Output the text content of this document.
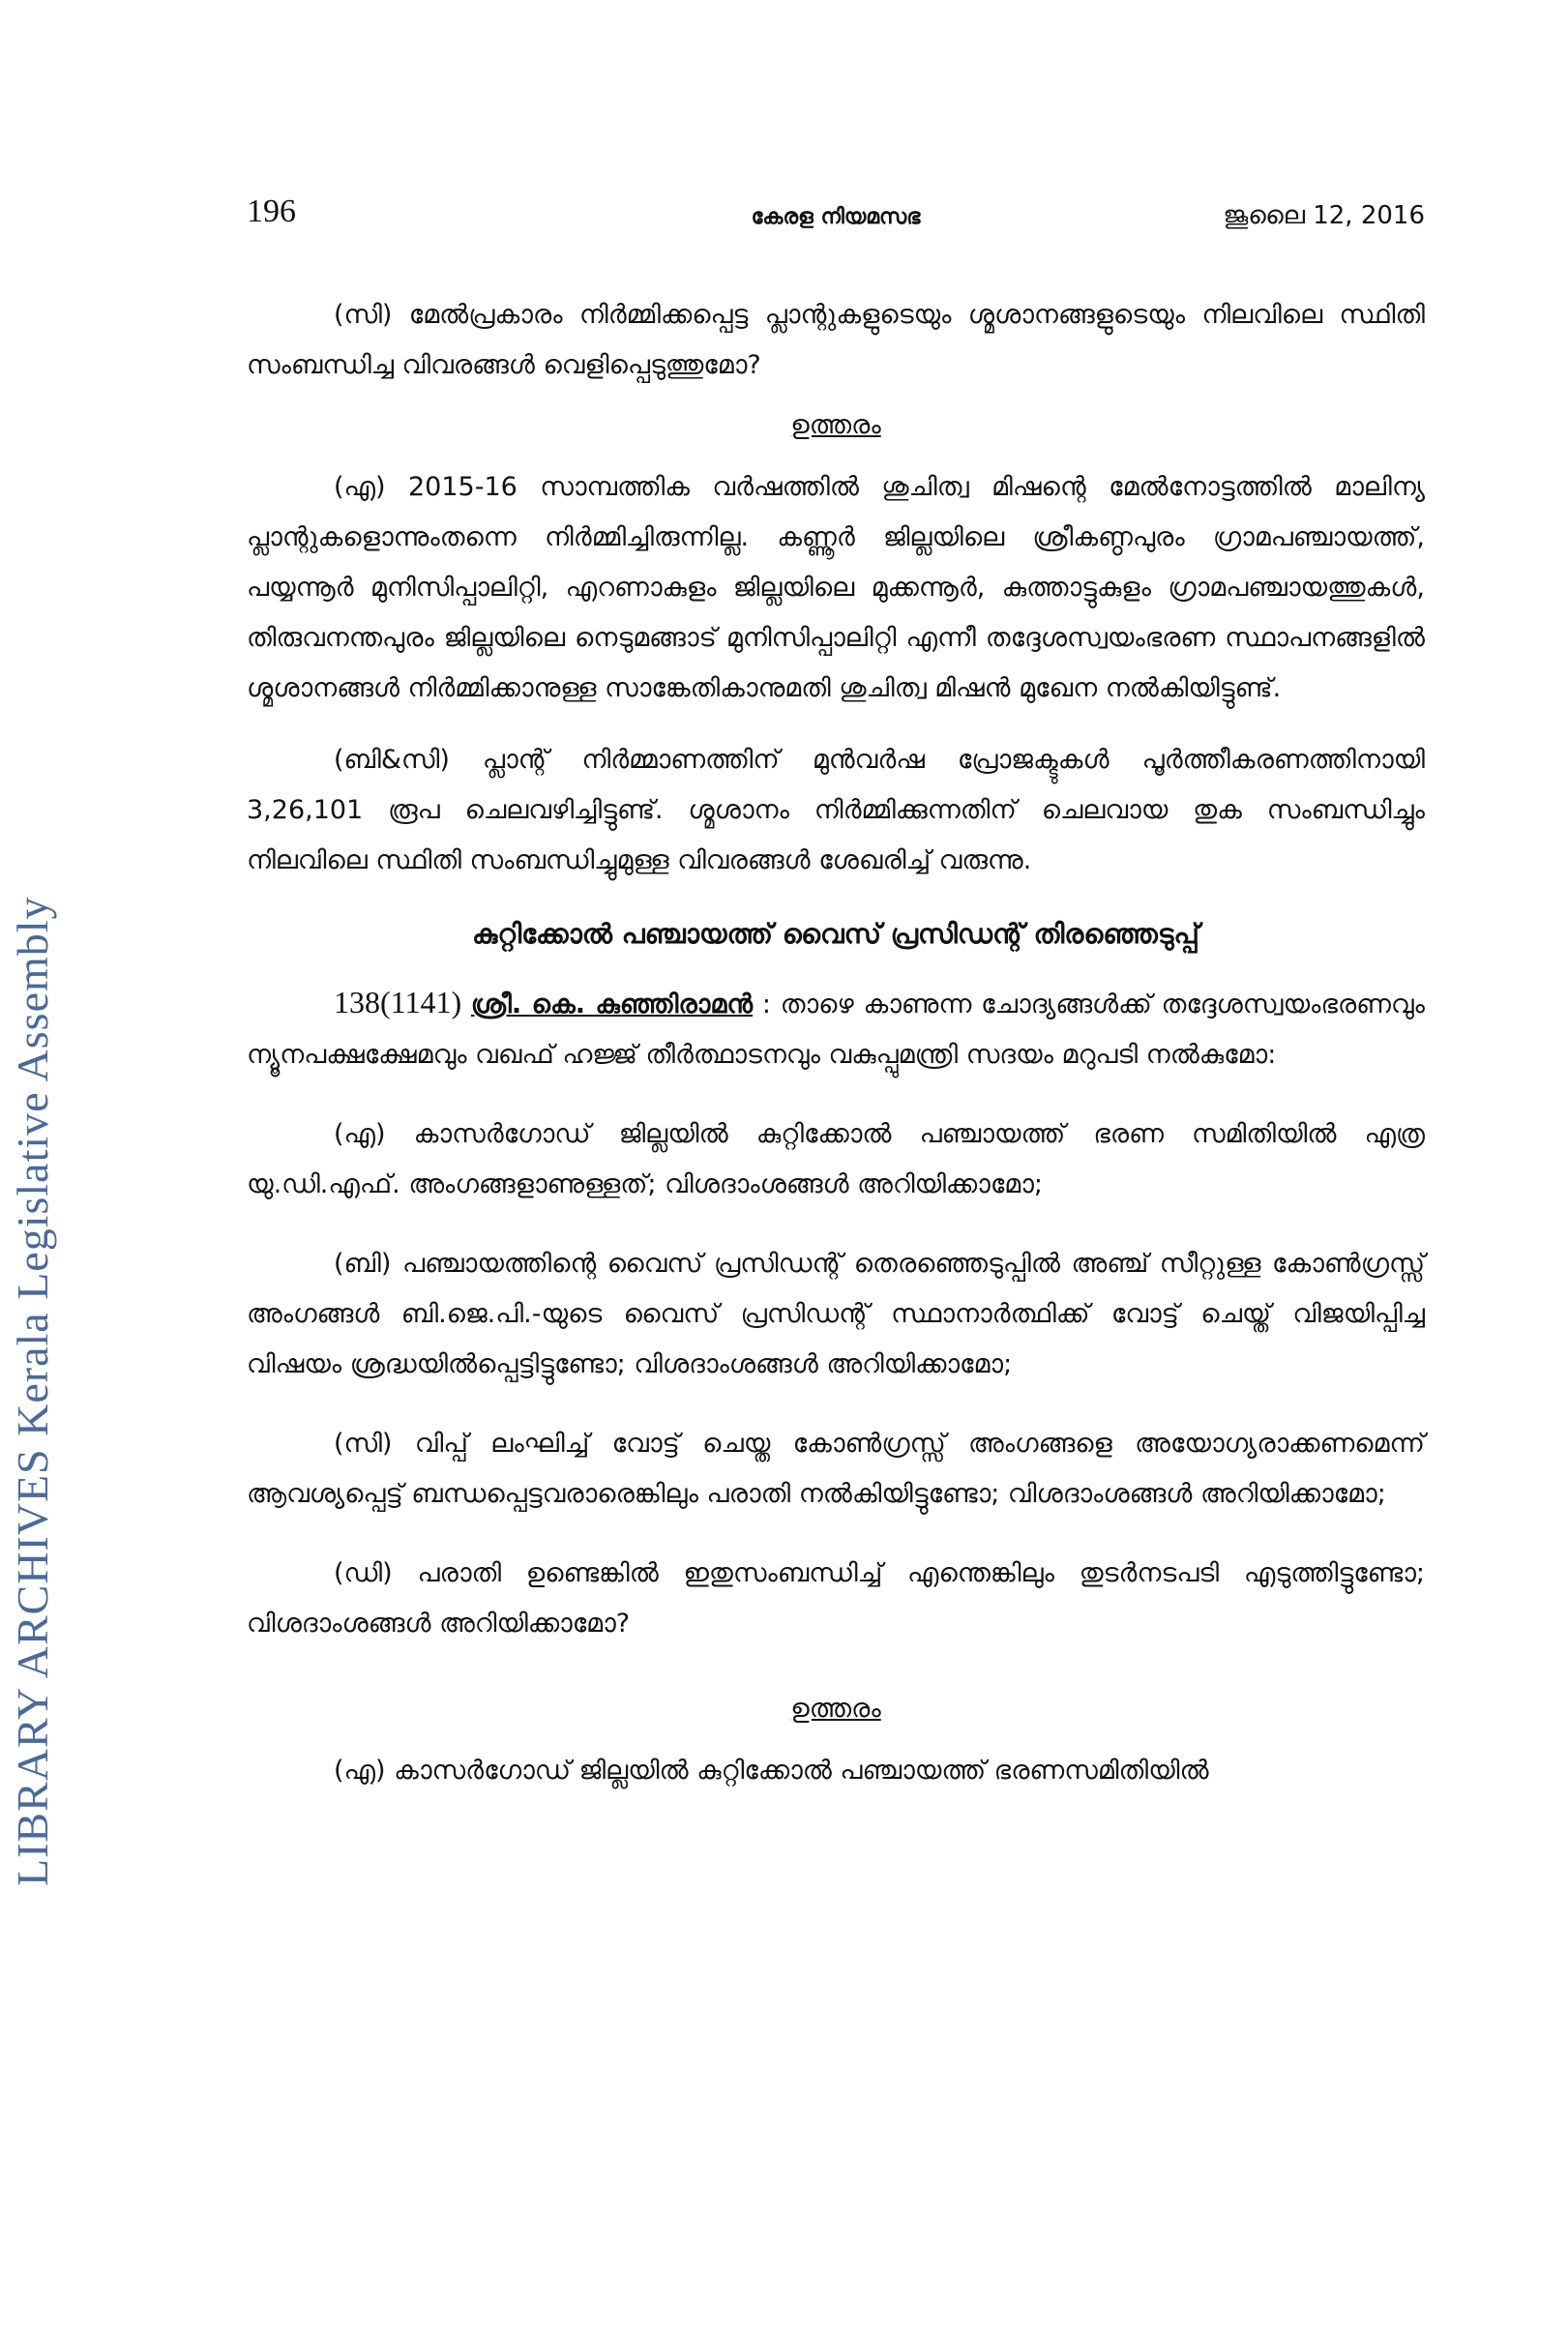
LIBRARY ARCHIVES Kerala Legislative Assembly
196	കേരള നിയമസഭ	ജൂലൈ 12, 2016

(സി) മേൽപ്രകാരം നിർമ്മിക്കപ്പെട്ട പ്ലാന്റുകളുടെയും ശ്മശാനങ്ങളുടെയും നിലവിലെ സ്ഥിതി സംബന്ധിച്ച വിവരങ്ങൾ വെളിപ്പെടുത്തുമോ?

ഉത്തരം

(എ) 2015-16 സാമ്പത്തിക വർഷത്തിൽ ശുചിത്വ മിഷന്റെ മേൽനോട്ടത്തിൽ മാലിന്യ പ്ലാന്റുകളൊന്നുംതന്നെ നിർമ്മിച്ചിരുന്നില്ല. കണ്ണൂർ ജില്ലയിലെ ശ്രീകണ്ഠപുരം ഗ്രാമപഞ്ചായത്ത്, പയ്യന്നൂർ മുനിസിപ്പാലിറ്റി, എറണാകുളം ജില്ലയിലെ മുക്കന്നൂർ, കുത്താട്ടുകുളം ഗ്രാമപഞ്ചായത്തുകൾ, തിരുവനന്തപുരം ജില്ലയിലെ നെടുമങ്ങാട് മുനിസിപ്പാലിറ്റി എന്നീ തദ്ദേശസ്വയംഭരണ സ്ഥാപനങ്ങളിൽ ശ്മശാനങ്ങൾ നിർമ്മിക്കാനുള്ള സാങ്കേതികാനുമതി ശുചിത്വ മിഷൻ മുഖേന നൽകിയിട്ടുണ്ട്.

(ബി&സി) പ്ലാന്റ് നിർമ്മാണത്തിന് മുൻവർഷ പ്രോജക്ടുകൾ പൂർത്തീകരണത്തിനായി 3,26,101 രൂപ ചെലവഴിച്ചിട്ടുണ്ട്. ശ്മശാനം നിർമ്മിക്കുന്നതിന് ചെലവായ തുക സംബന്ധിച്ചും നിലവിലെ സ്ഥിതി സംബന്ധിച്ചുമുള്ള വിവരങ്ങൾ ശേഖരിച്ച് വരുന്നു.

കുറ്റിക്കോൽ പഞ്ചായത്ത് വൈസ് പ്രസിഡന്റ് തിരഞ്ഞെടുപ്പ്

138(1141) ശ്രീ. കെ. കുഞ്ഞിരാമൻ : താഴെ കാണുന്ന ചോദ്യങ്ങൾക്ക് തദ്ദേശസ്വയംഭരണവും ന്യൂനപക്ഷക്ഷേമവും വഖഫ് ഹജ്ജ് തീർത്ഥാടനവും വകുപ്പുമന്ത്രി സദയം മറുപടി നൽകുമോ:

(എ) കാസർഗോഡ് ജില്ലയിൽ കുറ്റിക്കോൽ പഞ്ചായത്ത് ഭരണ സമിതിയിൽ എത്ര യു.ഡി.എഫ്. അംഗങ്ങളാണുള്ളത്; വിശദാംശങ്ങൾ അറിയിക്കാമോ;

(ബി) പഞ്ചായത്തിന്റെ വൈസ് പ്രസിഡന്റ് തെരഞ്ഞെടുപ്പിൽ അഞ്ച് സീറ്റുള്ള കോൺഗ്രസ്സ് അംഗങ്ങൾ ബി.ജെ.പി.-യുടെ വൈസ് പ്രസിഡന്റ് സ്ഥാനാർത്ഥിക്ക് വോട്ട് ചെയ്ത് വിജയിപ്പിച്ച വിഷയം ശ്രദ്ധയിൽപ്പെട്ടിട്ടുണ്ടോ; വിശദാംശങ്ങൾ അറിയിക്കാമോ;

(സി) വിപ്പ് ലംഘിച്ച് വോട്ട് ചെയ്ത കോൺഗ്രസ്സ് അംഗങ്ങളെ അയോഗ്യരാക്കണമെന്ന് ആവശ്യപ്പെട്ട് ബന്ധപ്പെട്ടവരാരെങ്കിലും പരാതി നൽകിയിട്ടുണ്ടോ; വിശദാംശങ്ങൾ അറിയിക്കാമോ;

(ഡി) പരാതി ഉണ്ടെങ്കിൽ ഇതുസംബന്ധിച്ച് എന്തെങ്കിലും തുടർനടപടി എടുത്തിട്ടുണ്ടോ; വിശദാംശങ്ങൾ അറിയിക്കാമോ?

ഉത്തരം

(എ) കാസർഗോഡ് ജില്ലയിൽ കുറ്റിക്കോൽ പഞ്ചായത്ത് ഭരണസമിതിയിൽ
